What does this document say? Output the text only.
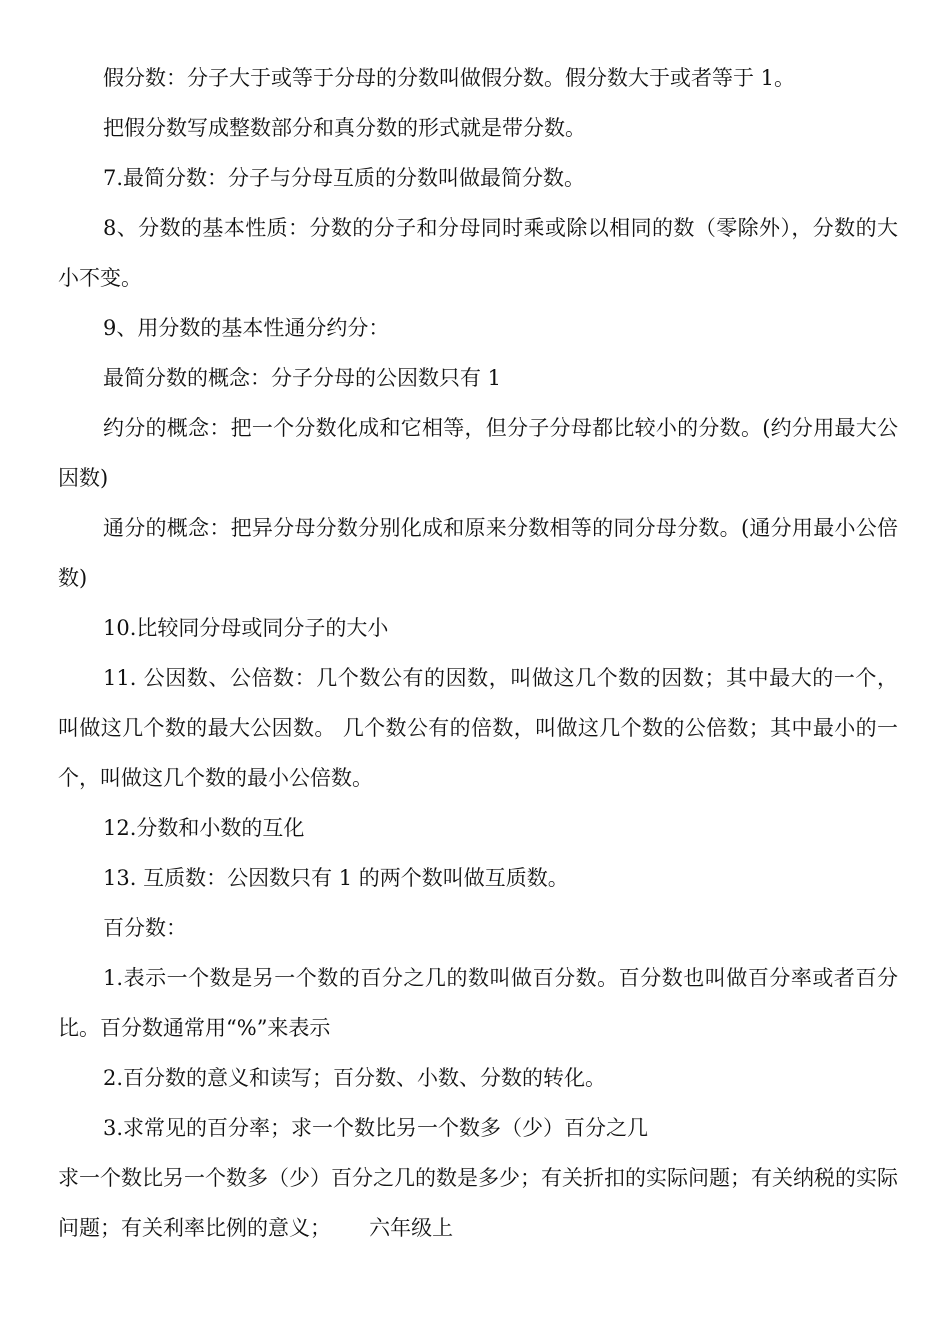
假分数：分子大于或等于分母的分数叫做假分数。假分数大于或者等于 1。

把假分数写成整数部分和真分数的形式就是带分数。

7.最简分数：分子与分母互质的分数叫做最简分数。

8、分数的基本性质：分数的分子和分母同时乘或除以相同的数（零除外），分数的大小不变。

9、用分数的基本性通分约分：

最简分数的概念：分子分母的公因数只有 1

约分的概念：把一个分数化成和它相等，但分子分母都比较小的分数。(约分用最大公因数)

通分的概念：把异分母分数分别化成和原来分数相等的同分母分数。(通分用最小公倍数)

10.比较同分母或同分子的大小

11. 公因数、公倍数：几个数公有的因数，叫做这几个数的因数；其中最大的一个，叫做这几个数的最大公因数。 几个数公有的倍数，叫做这几个数的公倍数；其中最小的一个，叫做这几个数的最小公倍数。

12.分数和小数的互化

13. 互质数：公因数只有 1 的两个数叫做互质数。

百分数：

1.表示一个数是另一个数的百分之几的数叫做百分数。百分数也叫做百分率或者百分比。百分数通常用“%”来表示

2.百分数的意义和读写；百分数、小数、分数的转化。

3.求常见的百分率；求一个数比另一个数多（少）百分之几

求一个数比另一个数多（少）百分之几的数是多少；有关折扣的实际问题；有关纳税的实际问题；有关利率比例的意义；　　 六年级上
